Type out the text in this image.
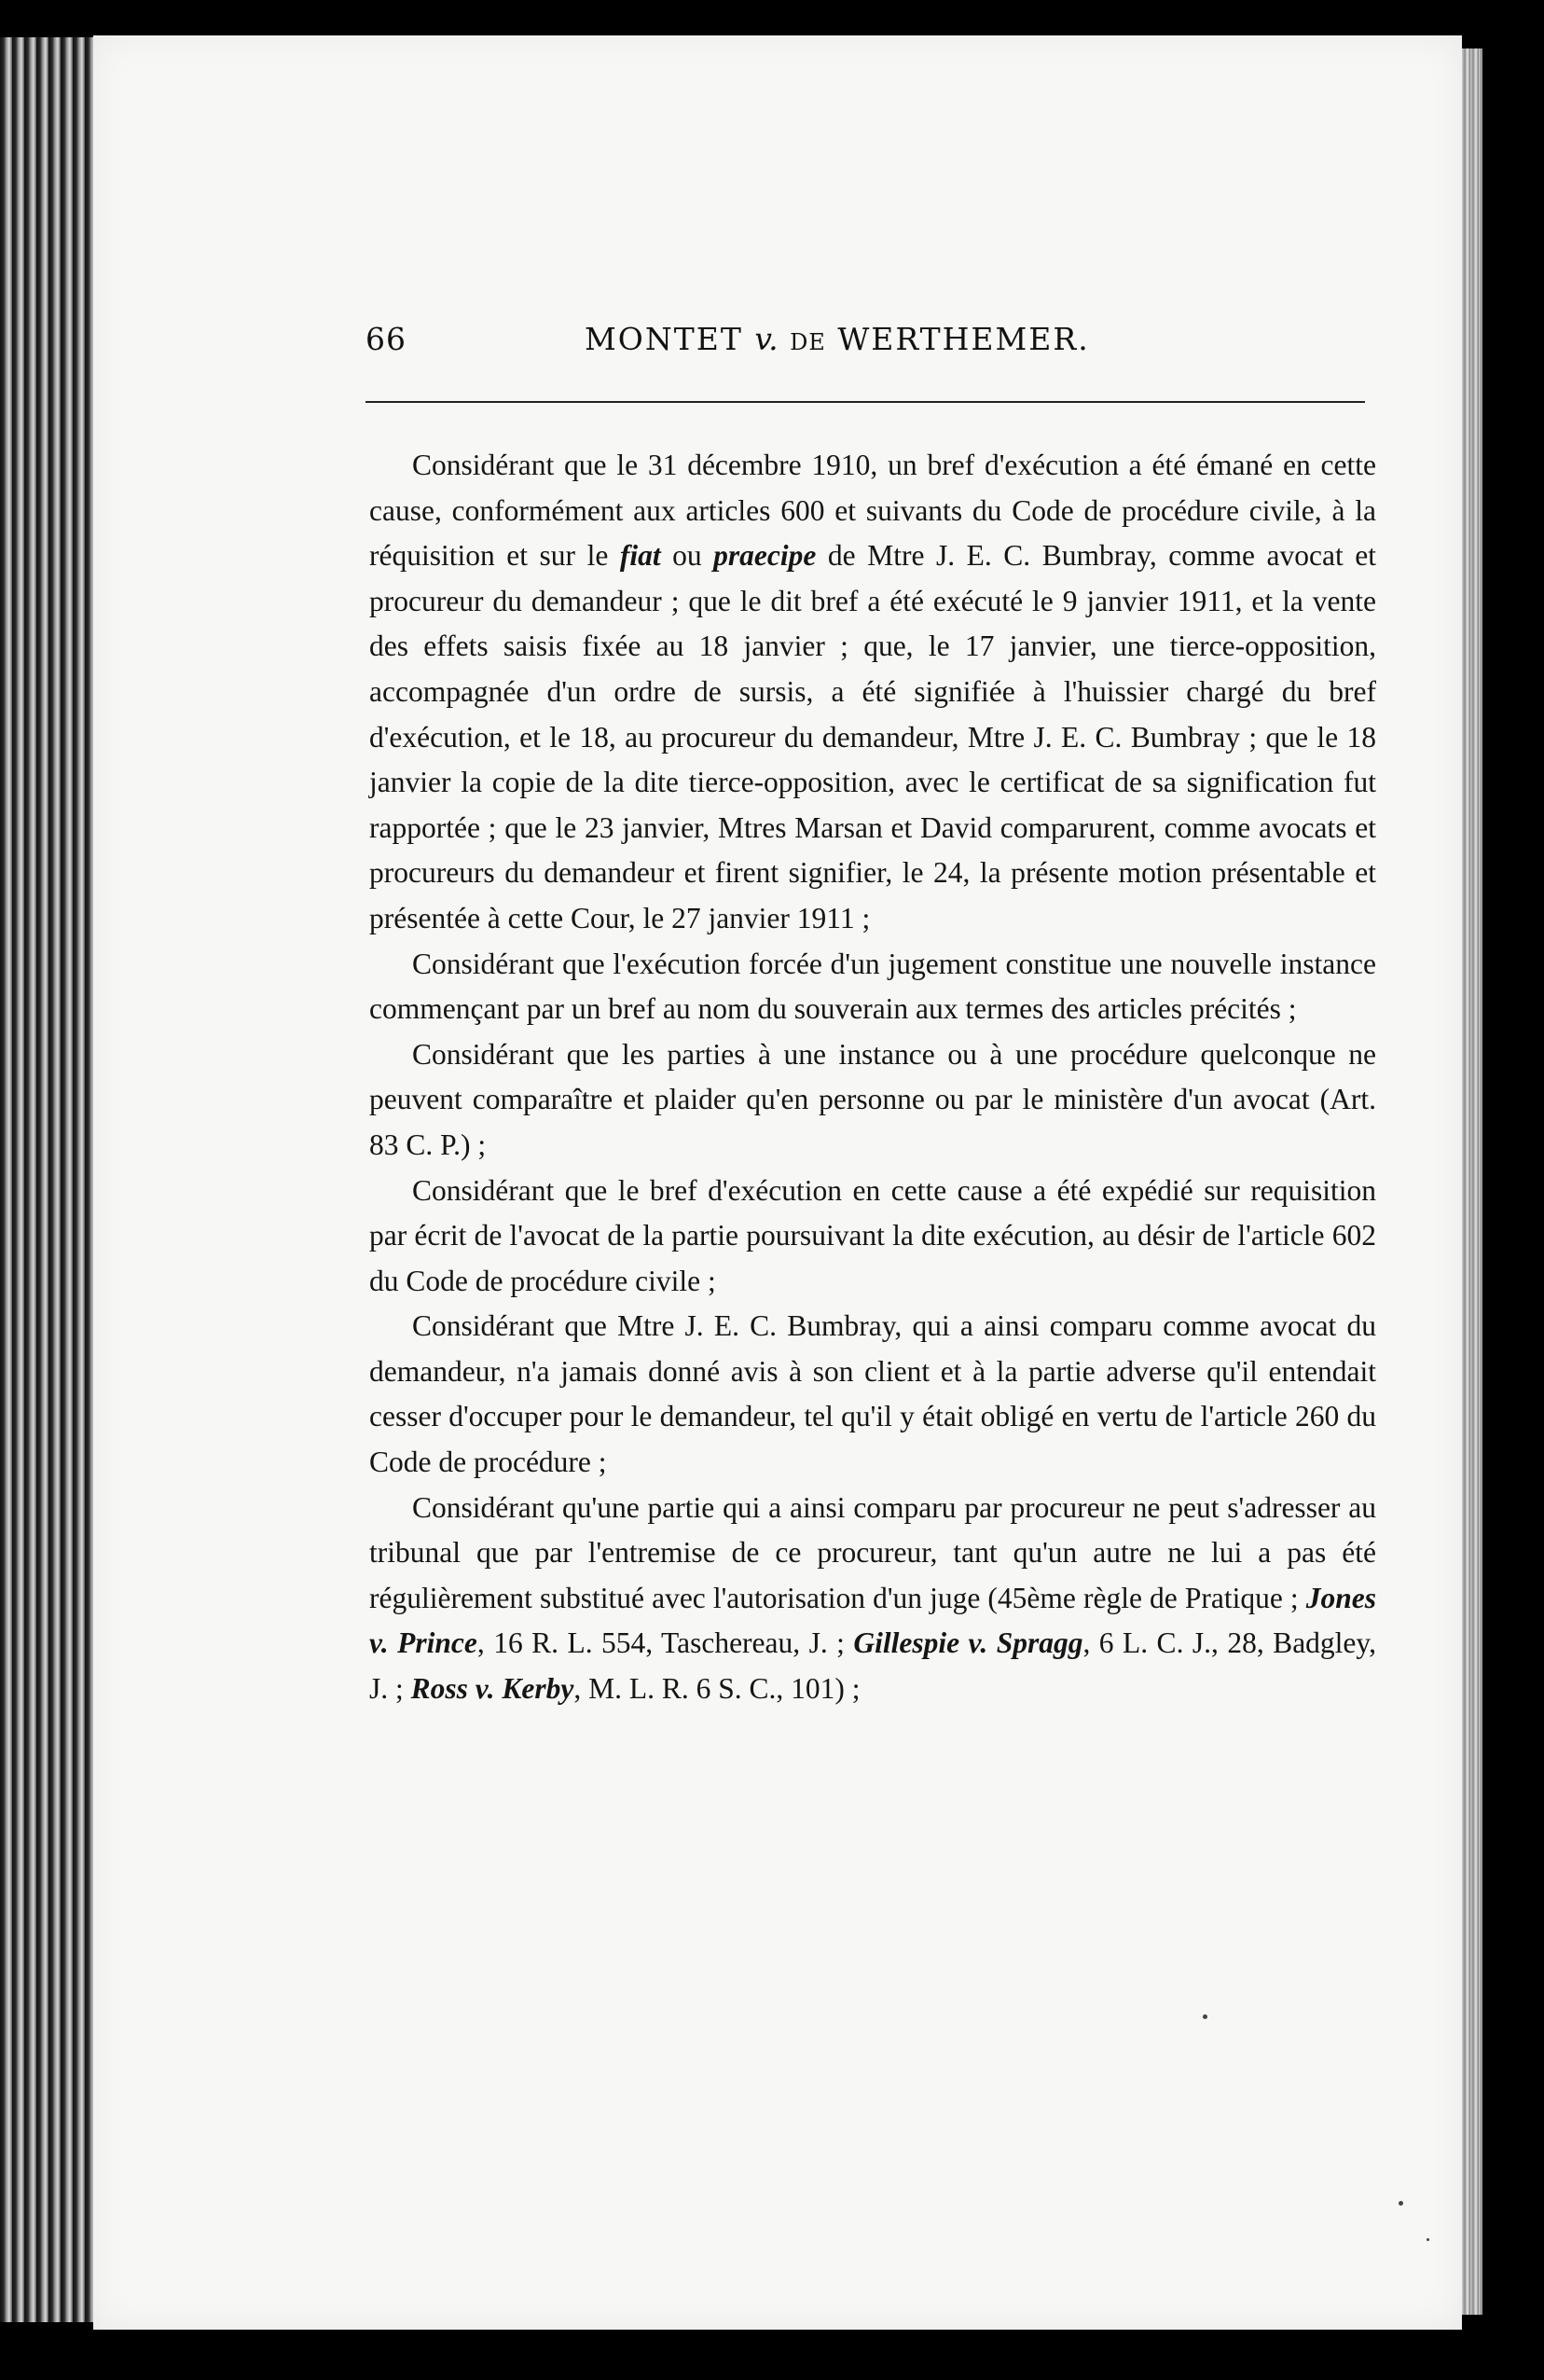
66	MONTET v. DE WERTHEMER.

Considérant que le 31 décembre 1910, un bref d'exécution a été émané en cette cause, conformément aux articles 600 et suivants du Code de procédure civile, à la réquisition et sur le fiat ou praecipe de Mtre J. E. C. Bumbray, comme avocat et procureur du demandeur ; que le dit bref a été exécuté le 9 janvier 1911, et la vente des effets saisis fixée au 18 janvier ; que, le 17 janvier, une tierce-opposition, accompagnée d'un ordre de sursis, a été signifiée à l'huissier chargé du bref d'exécution, et le 18, au procureur du demandeur, Mtre J. E. C. Bumbray ; que le 18 janvier la copie de la dite tierce-opposition, avec le certificat de sa signification fut rapportée ; que le 23 janvier, Mtres Marsan et David comparurent, comme avocats et procureurs du demandeur et firent signifier, le 24, la présente motion présentable et présentée à cette Cour, le 27 janvier 1911 ;

Considérant que l'exécution forcée d'un jugement constitue une nouvelle instance commençant par un bref au nom du souverain aux termes des articles précités ;

Considérant que les parties à une instance ou à une procédure quelconque ne peuvent comparaître et plaider qu'en personne ou par le ministère d'un avocat (Art. 83 C. P.) ;

Considérant que le bref d'exécution en cette cause a été expédié sur requisition par écrit de l'avocat de la partie poursuivant la dite exécution, au désir de l'article 602 du Code de procédure civile ;

Considérant que Mtre J. E. C. Bumbray, qui a ainsi comparu comme avocat du demandeur, n'a jamais donné avis à son client et à la partie adverse qu'il entendait cesser d'occuper pour le demandeur, tel qu'il y était obligé en vertu de l'article 260 du Code de procédure ;

Considérant qu'une partie qui a ainsi comparu par procureur ne peut s'adresser au tribunal que par l'entremise de ce procureur, tant qu'un autre ne lui a pas été régulièrement substitué avec l'autorisation d'un juge (45ème règle de Pratique ; Jones v. Prince, 16 R. L. 554, Taschereau, J. ; Gillespie v. Spragg, 6 L. C. J., 28, Badgley, J. ; Ross v. Kerby, M. L. R. 6 S. C., 101) ;
